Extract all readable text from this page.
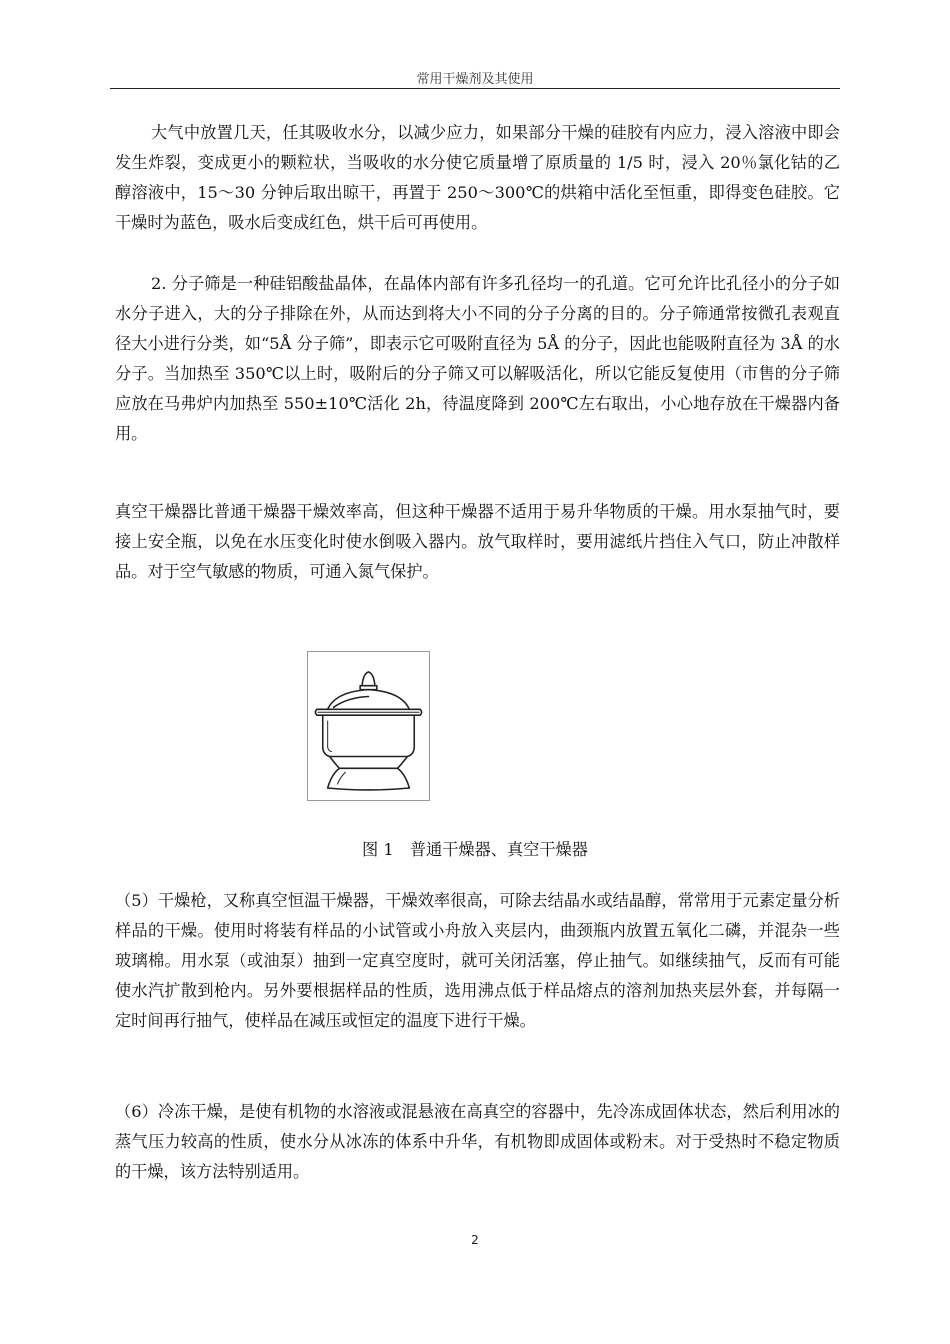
常用干燥剂及其使用

大气中放置几天，任其吸收水分，以减少应力，如果部分干燥的硅胶有内应力，浸入溶液中即会发生炸裂，变成更小的颗粒状，当吸收的水分使它质量增了原质量的 1/5 时，浸入 20％氯化钴的乙醇溶液中，15～30 分钟后取出晾干，再置于 250～300℃的烘箱中活化至恒重，即得变色硅胶。它干燥时为蓝色，吸水后变成红色，烘干后可再使用。

2. 分子筛是一种硅铝酸盐晶体，在晶体内部有许多孔径均一的孔道。它可允许比孔径小的分子如水分子进入，大的分子排除在外，从而达到将大小不同的分子分离的目的。分子筛通常按微孔表观直径大小进行分类，如“5Å 分子筛”，即表示它可吸附直径为 5Å 的分子，因此也能吸附直径为 3Å 的水分子。当加热至 350℃以上时，吸附后的分子筛又可以解吸活化，所以它能反复使用（市售的分子筛应放在马弗炉内加热至 550±10℃活化 2h，待温度降到 200℃左右取出，小心地存放在干燥器内备用。

真空干燥器比普通干燥器干燥效率高，但这种干燥器不适用于易升华物质的干燥。用水泵抽气时，要接上安全瓶，以免在水压变化时使水倒吸入器内。放气取样时，要用滤纸片挡住入气口，防止冲散样品。对于空气敏感的物质，可通入氮气保护。

图 1　普通干燥器、真空干燥器

（5）干燥枪，又称真空恒温干燥器，干燥效率很高，可除去结晶水或结晶醇，常常用于元素定量分析样品的干燥。使用时将装有样品的小试管或小舟放入夹层内，曲颈瓶内放置五氧化二磷，并混杂一些玻璃棉。用水泵（或油泵）抽到一定真空度时，就可关闭活塞，停止抽气。如继续抽气，反而有可能使水汽扩散到枪内。另外要根据样品的性质，选用沸点低于样品熔点的溶剂加热夹层外套，并每隔一定时间再行抽气，使样品在减压或恒定的温度下进行干燥。

（6）冷冻干燥，是使有机物的水溶液或混悬液在高真空的容器中，先冷冻成固体状态，然后利用冰的蒸气压力较高的性质，使水分从冰冻的体系中升华，有机物即成固体或粉末。对于受热时不稳定物质的干燥，该方法特别适用。

2
